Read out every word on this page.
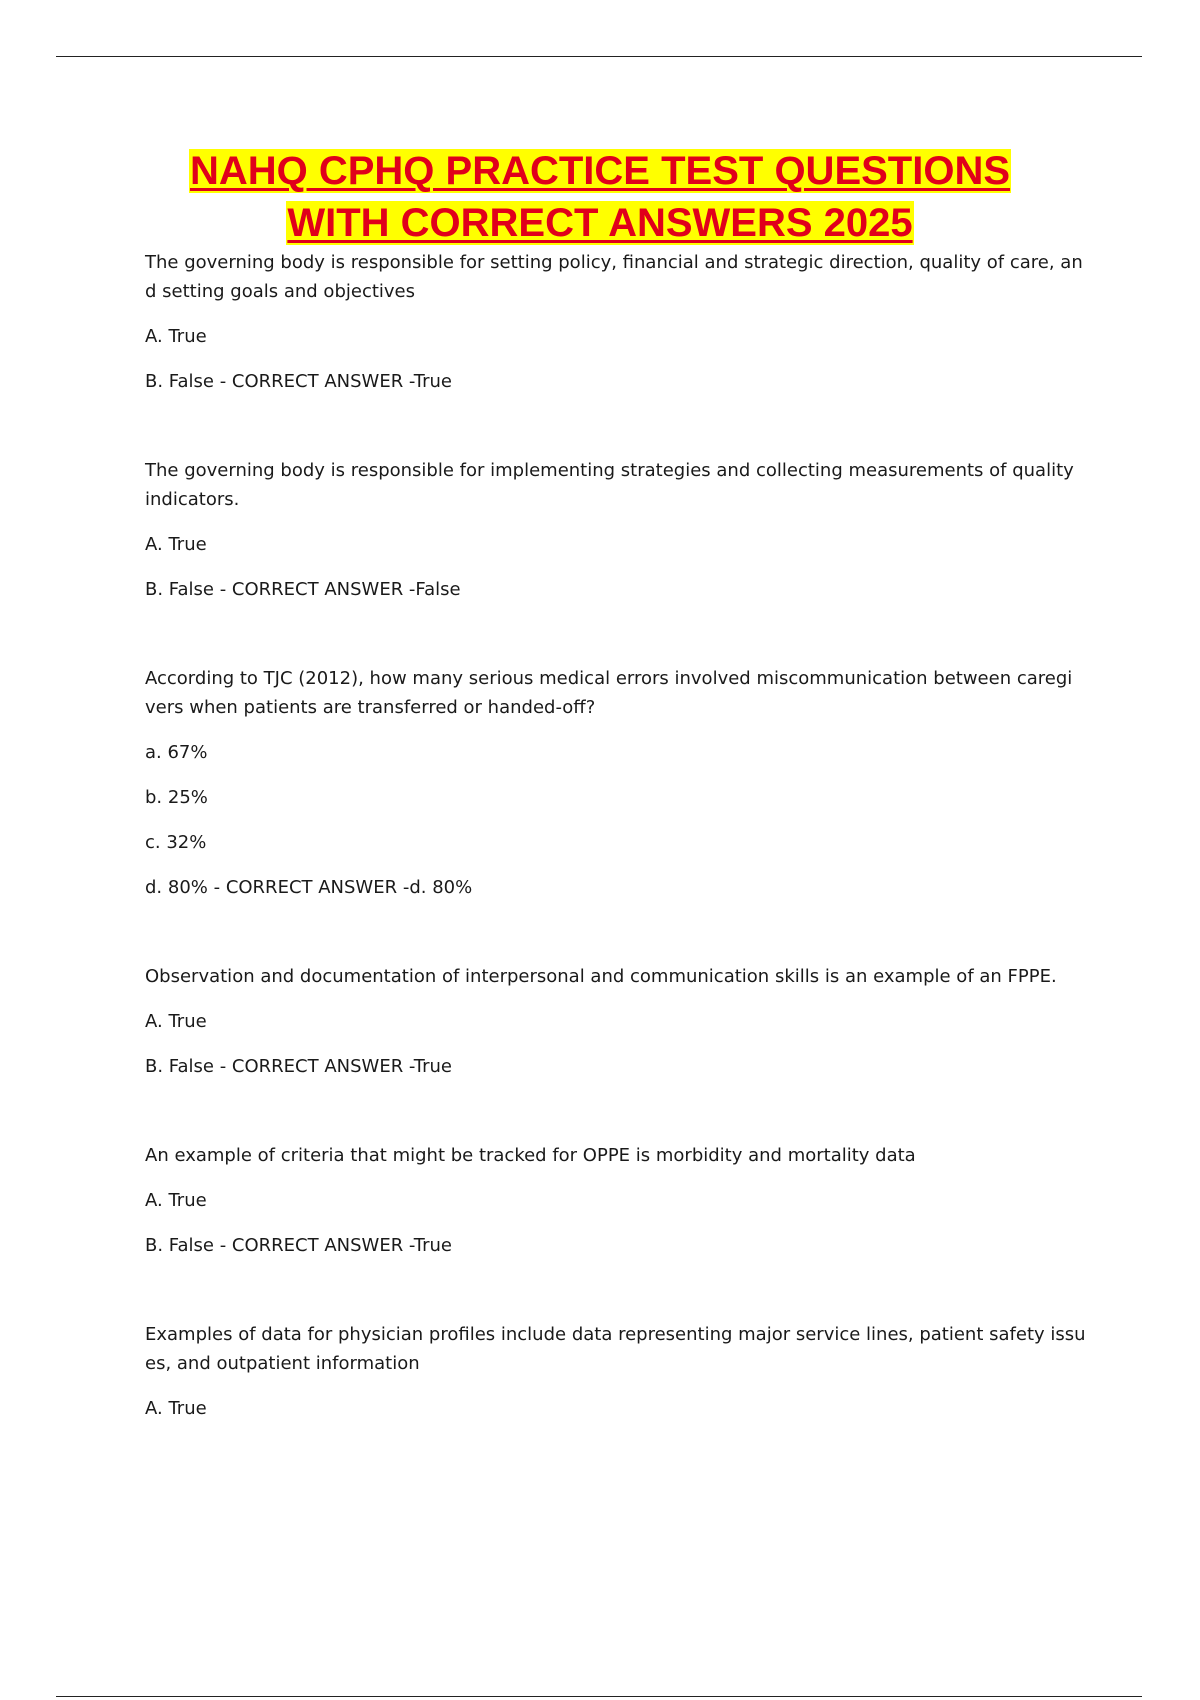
NAHQ CPHQ PRACTICE TEST QUESTIONS
WITH CORRECT ANSWERS 2025

The governing body is responsible for setting policy, financial and strategic direction, quality of care, an d setting goals and objectives

A. True

B. False - CORRECT ANSWER -True

The governing body is responsible for implementing strategies and collecting measurements of quality indicators.

A. True

B. False - CORRECT ANSWER -False

According to TJC (2012), how many serious medical errors involved miscommunication between caregi vers when patients are transferred or handed-off?

a. 67%

b. 25%

c. 32%

d. 80% - CORRECT ANSWER -d. 80%

Observation and documentation of interpersonal and communication skills is an example of an FPPE.

A. True

B. False - CORRECT ANSWER -True

An example of criteria that might be tracked for OPPE is morbidity and mortality data

A. True

B. False - CORRECT ANSWER -True

Examples of data for physician profiles include data representing major service lines, patient safety issu es, and outpatient information

A. True
